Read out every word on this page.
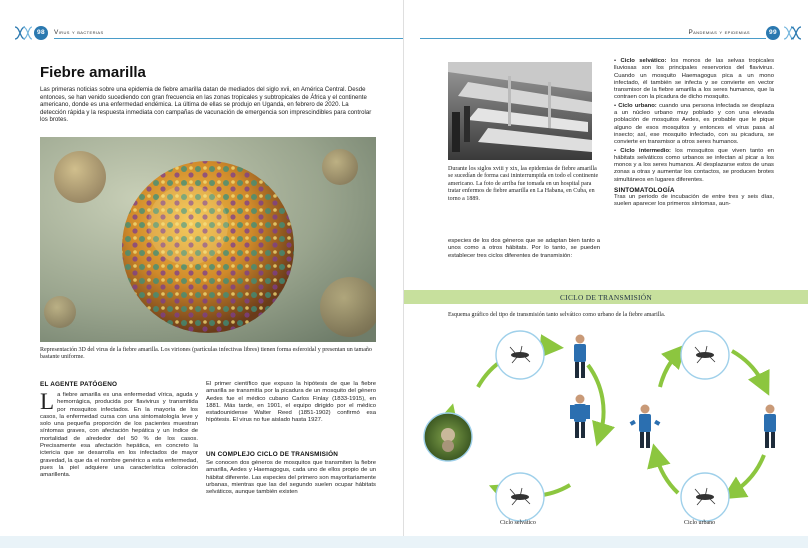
98	Virus y bacterias
Fiebre amarilla
Las primeras noticias sobre una epidemia de fiebre amarilla datan de mediados del siglo xvii, en América Central. Desde entonces, se han venido sucediendo con gran frecuencia en las zonas tropicales y subtropicales de África y el continente americano, donde es una enfermedad endémica. La última de ellas se produjo en Uganda, en febrero de 2020. La detección rápida y la respuesta inmediata con campañas de vacunación de emergencia son imprescindibles para controlar los brotes.
Representación 3D del virus de la fiebre amarilla. Los viriones (partículas infectivas libres) tienen forma esferoidal y presentan un tamaño bastante uniforme.
EL AGENTE PATÓGENO
La fiebre amarilla es una enfermedad vírica, aguda y hemorrágica, producida por flavivirus y transmitida por mosquitos infectados. En la mayoría de los casos, la enfermedad cursa con una sintomatología leve y solo una pequeña proporción de los pacientes muestran síntomas graves, con afectación hepática y un índice de mortalidad de alrededor del 50 % de los casos. Precisamente esa afectación hepática, en concreto la ictericia que se desarrolla en los infectados de mayor gravedad, la que da el nombre genérico a esta enfermedad, pues la piel adquiere una característica coloración amarillenta.
El primer científico que expuso la hipótesis de que la fiebre amarilla se transmitía por la picadura de un mosquito del género Aedes fue el médico cubano Carlos Finlay (1833-1915), en 1881. Más tarde, en 1901, el equipo dirigido por el médico estadounidense Walter Reed (1851-1902) confirmó esa hipótesis. El virus no fue aislado hasta 1927.
UN COMPLEJO CICLO DE TRANSMISIÓN
Se conocen dos géneros de mosquitos que transmiten la fiebre amarilla, Aedes y Haemagogus, cada uno de ellos propio de un hábitat diferente. Las especies del primero son mayoritariamente urbanas, mientras que las del segundo suelen ocupar hábitats selváticos, aunque también existen
Pandemias y epidemias	99
Durante los siglos xviii y xix, las epidemias de fiebre amarilla se sucedían de forma casi ininterrumpida en todo el continente americano. La foto de arriba fue tomada en un hospital para tratar enfermos de fiebre amarilla en La Habana, en Cuba, en torno a 1889.
especies de los dos géneros que se adaptan bien tanto a unos como a otros hábitats. Por lo tanto, se pueden establecer tres ciclos diferentes de transmisión:
• Ciclo selvático: los monos de las selvas tropicales lluviosas son los principales reservorios del flavivirus. Cuando un mosquito Haemagogus pica a un mono infectado, él también se infecta y se convierte en vector transmisor de la fiebre amarilla a los seres humanos, que la contraen con la picadura de dicho mosquito.
• Ciclo urbano: cuando una persona infectada se desplaza a un núcleo urbano muy poblado y con una elevada población de mosquitos Aedes, es probable que le pique alguno de esos mosquitos y entonces el virus pasa al insecto; así, ese mosquito infectado, con su picadura, se convierte en transmisor a otros seres humanos.
• Ciclo intermedio: los mosquitos que viven tanto en hábitats selváticos como urbanos se infectan al picar a los monos y a los seres humanos. Al desplazarse estos de unas zonas a otras y aumentar los contactos, se producen brotes simultáneos en lugares diferentes.
SINTOMATOLOGÍA
Tras un periodo de incubación de entre tres y seis días, suelen aparecer los primeros síntomas, aun-
CICLO DE TRANSMISIÓN
Esquema gráfico del tipo de transmisión tanto selvático como urbano de la fiebre amarilla.
Ciclo selvático	Ciclo urbano
